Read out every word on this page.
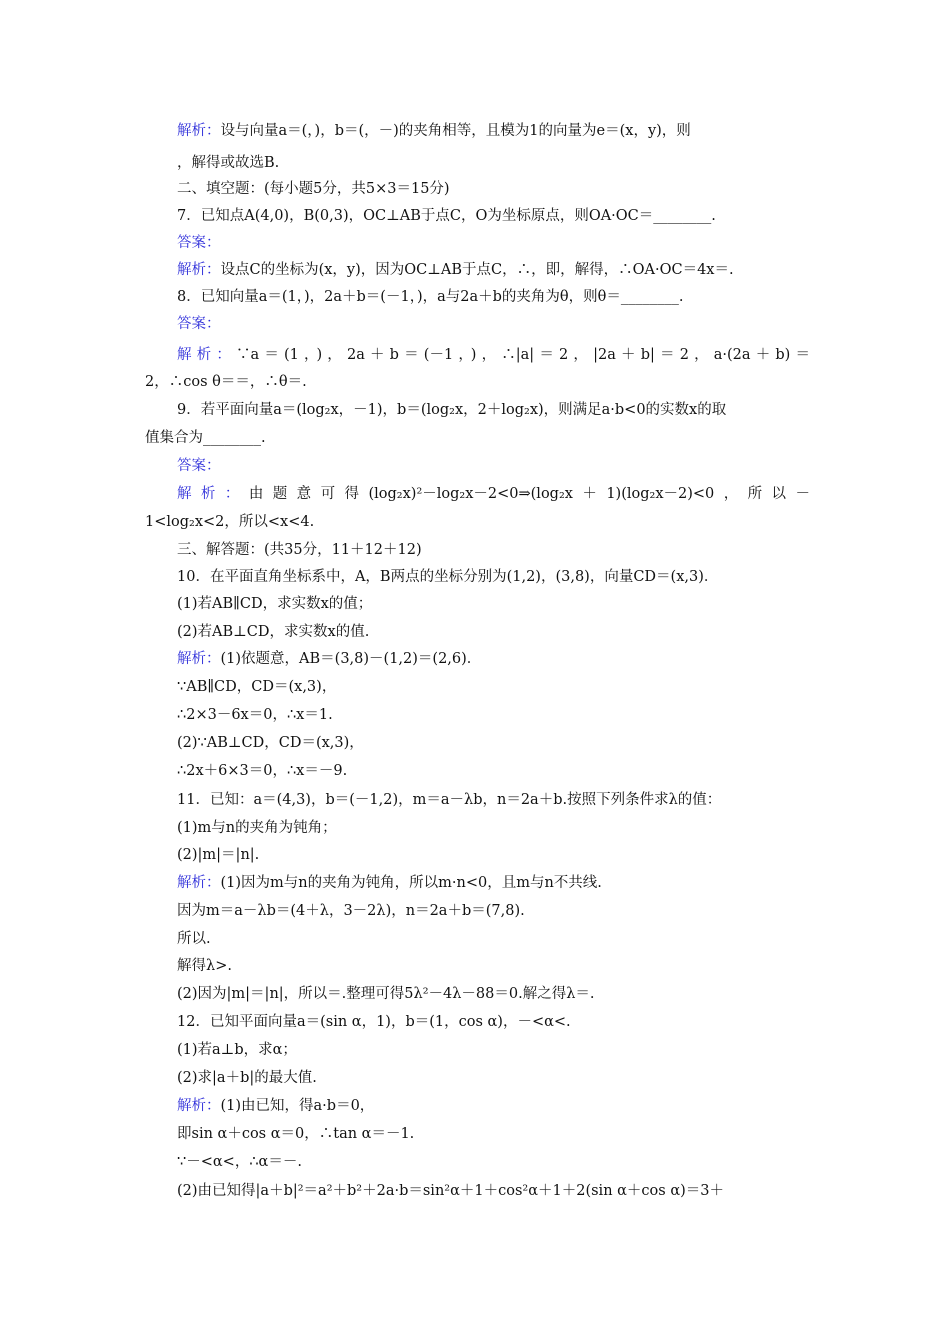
解析：设与向量a＝(，)，b＝(，－)的夹角相等，且模为1的向量为e＝(x，y)，则
，解得或故选B.
二、填空题：(每小题5分，共5×3＝15分)
7．已知点A(4,0)，B(0,3)，OC⊥AB于点C，O为坐标原点，则OA·OC＝________.
答案：
解析：设点C的坐标为(x，y)，因为OC⊥AB于点C，∴，即，解得，∴OA·OC＝4x＝.
8．已知向量a＝(1，)，2a＋b＝(－1，)，a与2a＋b的夹角为θ，则θ＝________.
答案：
解析：∵a＝(1，)，2a＋b＝(－1，)，∴|a|＝2，|2a＋b|＝2，a·(2a＋b)＝
2，∴cos θ＝＝，∴θ＝.
9．若平面向量a＝(log₂x，－1)，b＝(log₂x，2＋log₂x)，则满足a·b<0的实数x的取
值集合为________.
答案：
解析：由题意可得(log₂x)²－log₂x－2<0⇒(log₂x＋1)(log₂x－2)<0，所以－
1<log₂x<2，所以<x<4.
三、解答题：(共35分，11＋12＋12)
10．在平面直角坐标系中，A，B两点的坐标分别为(1,2)，(3,8)，向量CD＝(x,3)．
(1)若AB∥CD，求实数x的值；
(2)若AB⊥CD，求实数x的值.
解析：(1)依题意，AB＝(3,8)－(1,2)＝(2,6)．
∵AB∥CD，CD＝(x,3)，
∴2×3－6x＝0，∴x＝1.
(2)∵AB⊥CD，CD＝(x,3)，
∴2x＋6×3＝0，∴x＝－9.
11．已知：a＝(4,3)，b＝(－1,2)，m＝a－λb，n＝2a＋b.按照下列条件求λ的值：
(1)m与n的夹角为钝角；
(2)|m|＝|n|.
解析：(1)因为m与n的夹角为钝角，所以m·n<0，且m与n不共线.
因为m＝a－λb＝(4＋λ，3－2λ)，n＝2a＋b＝(7,8).
所以.
解得λ>.
(2)因为|m|＝|n|，所以＝.整理可得5λ²－4λ－88＝0.解之得λ＝.
12．已知平面向量a＝(sin α，1)，b＝(1，cos α)，－<α<.
(1)若a⊥b，求α；
(2)求|a＋b|的最大值.
解析：(1)由已知，得a·b＝0，
即sin α＋cos α＝0，∴tan α＝－1.
∵－<α<，∴α＝－.
(2)由已知得|a＋b|²＝a²＋b²＋2a·b＝sin²α＋1＋cos²α＋1＋2(sin α＋cos α)＝3＋
